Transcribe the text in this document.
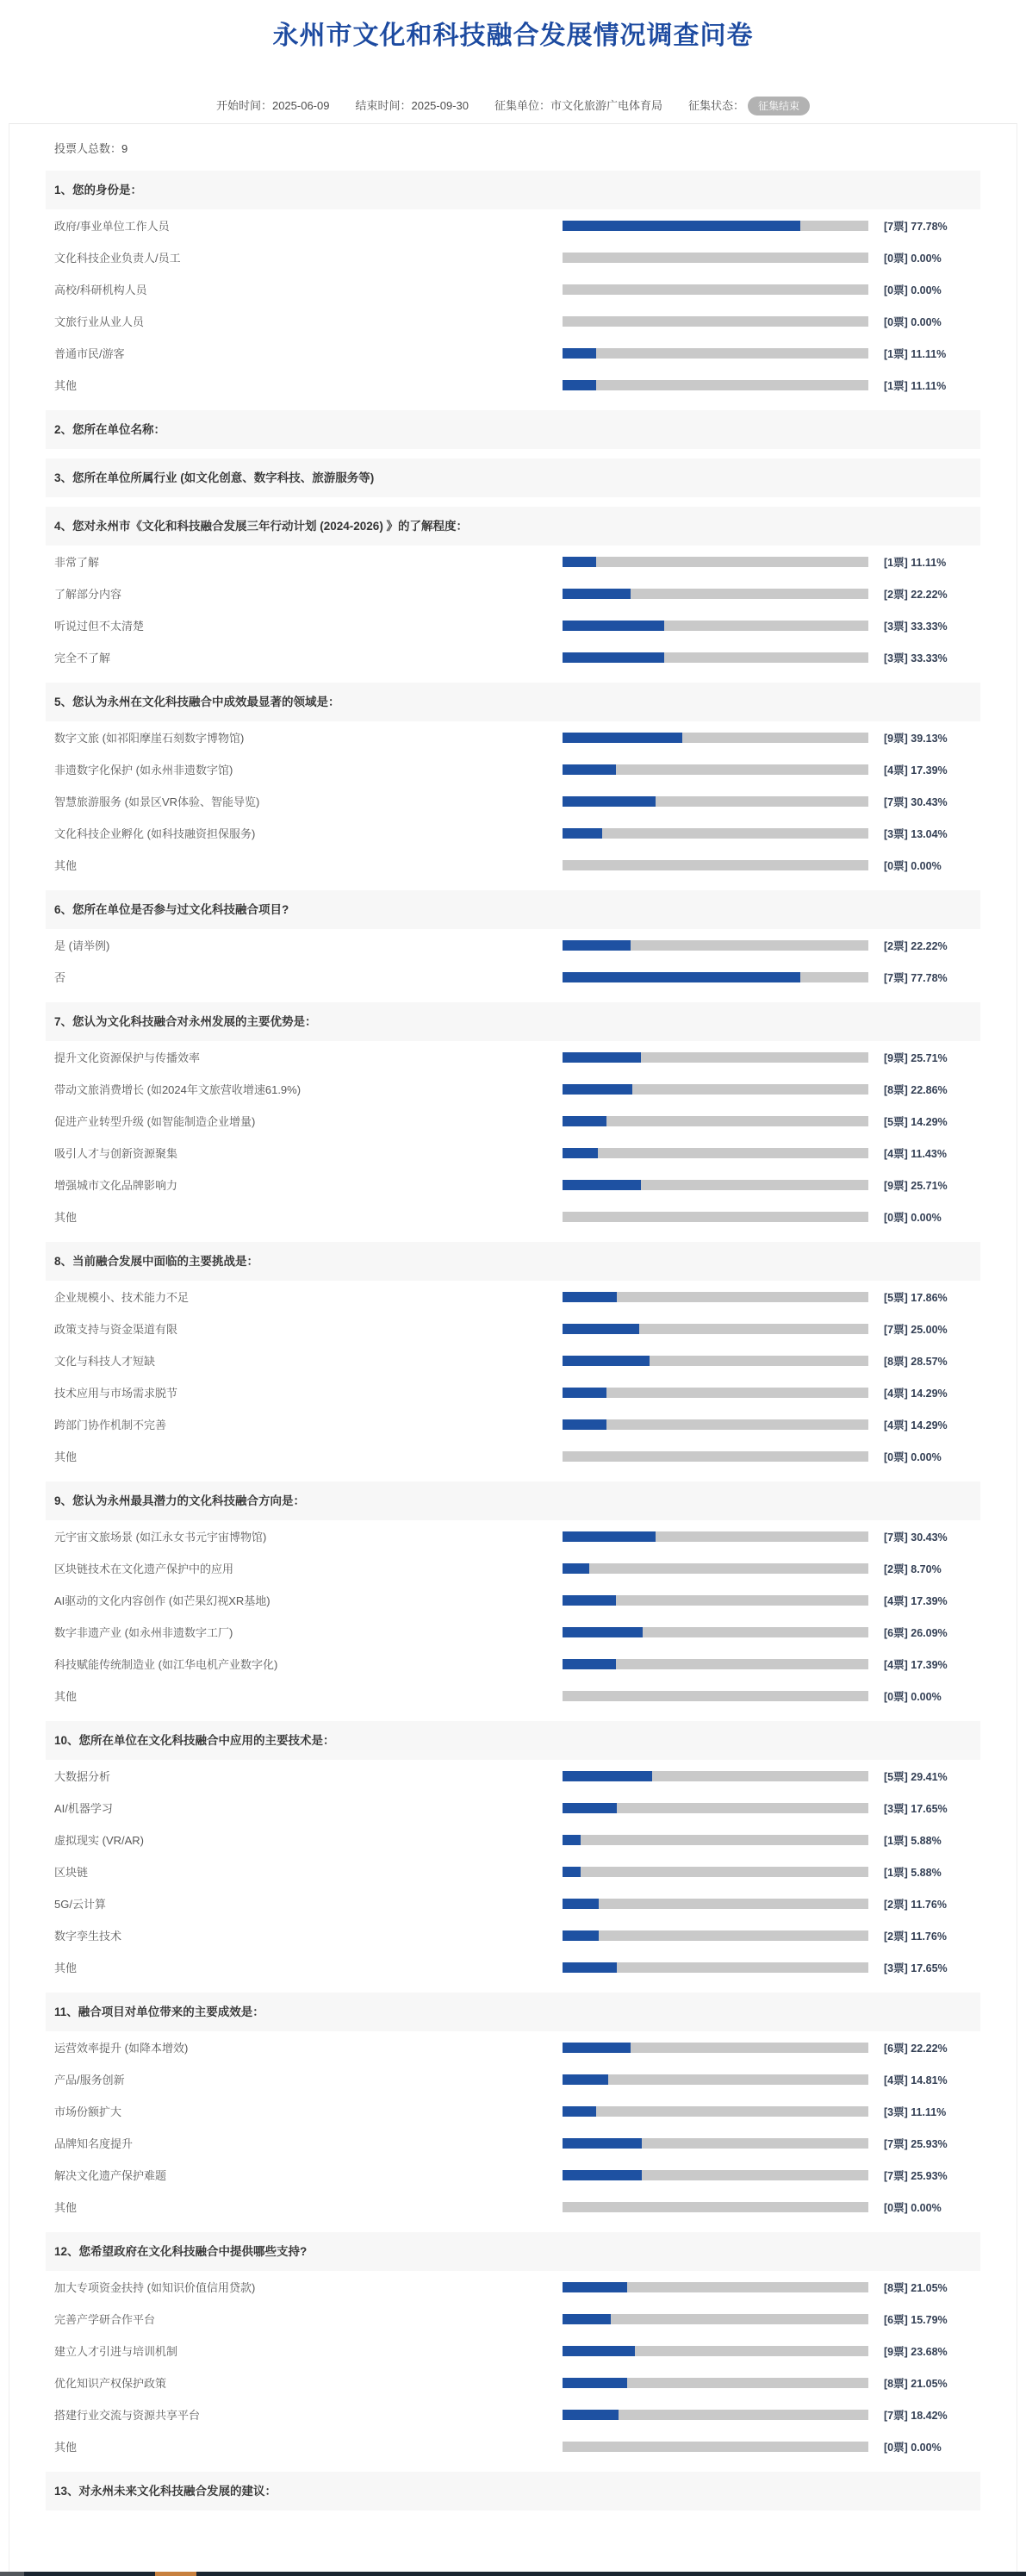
永州市文化和科技融合发展情况调查问卷
开始时间： 2025-06-09 结束时间： 2025-09-30 征集单位： 市文化旅游广电体育局 征集状态：	征集结束
投票人总数：9
1、您的身份是：
政府/事业单位工作人员	[7票] 77.78%
文化科技企业负责人/员工	[0票] 0.00%
高校/科研机构人员	[0票] 0.00%
文旅行业从业人员	[0票] 0.00%
普通市民/游客	[1票] 11.11%
其他	[1票] 11.11%
2、您所在单位名称：
3、您所在单位所属行业 (如文化创意、数字科技、旅游服务等)
4、您对永州市《文化和科技融合发展三年行动计划 (2024-2026) 》的了解程度：
非常了解	[1票] 11.11%
了解部分内容	[2票] 22.22%
听说过但不太清楚	[3票] 33.33%
完全不了解	[3票] 33.33%
5、您认为永州在文化科技融合中成效最显著的领域是：
数字文旅 (如祁阳摩崖石刻数字博物馆)	[9票] 39.13%
非遗数字化保护 (如永州非遗数字馆)	[4票] 17.39%
智慧旅游服务 (如景区VR体验、智能导览)	[7票] 30.43%
文化科技企业孵化 (如科技融资担保服务)	[3票] 13.04%
其他	[0票] 0.00%
6、您所在单位是否参与过文化科技融合项目?
是 (请举例)	[2票] 22.22%
否	[7票] 77.78%
7、您认为文化科技融合对永州发展的主要优势是：
提升文化资源保护与传播效率	[9票] 25.71%
带动文旅消费增长 (如2024年文旅营收增速61.9%)	[8票] 22.86%
促进产业转型升级 (如智能制造企业增量)	[5票] 14.29%
吸引人才与创新资源聚集	[4票] 11.43%
增强城市文化品牌影响力	[9票] 25.71%
其他	[0票] 0.00%
8、当前融合发展中面临的主要挑战是：
企业规模小、技术能力不足	[5票] 17.86%
政策支持与资金渠道有限	[7票] 25.00%
文化与科技人才短缺	[8票] 28.57%
技术应用与市场需求脱节	[4票] 14.29%
跨部门协作机制不完善	[4票] 14.29%
其他	[0票] 0.00%
9、您认为永州最具潜力的文化科技融合方向是：
元宇宙文旅场景 (如江永女书元宇宙博物馆)	[7票] 30.43%
区块链技术在文化遗产保护中的应用	[2票] 8.70%
AI驱动的文化内容创作 (如芒果幻视XR基地)	[4票] 17.39%
数字非遗产业 (如永州非遗数字工厂)	[6票] 26.09%
科技赋能传统制造业 (如江华电机产业数字化)	[4票] 17.39%
其他	[0票] 0.00%
10、您所在单位在文化科技融合中应用的主要技术是：
大数据分析	[5票] 29.41%
AI/机器学习	[3票] 17.65%
虚拟现实 (VR/AR)	[1票] 5.88%
区块链	[1票] 5.88%
5G/云计算	[2票] 11.76%
数字孪生技术	[2票] 11.76%
其他	[3票] 17.65%
11、融合项目对单位带来的主要成效是：
运营效率提升 (如降本增效)	[6票] 22.22%
产品/服务创新	[4票] 14.81%
市场份额扩大	[3票] 11.11%
品牌知名度提升	[7票] 25.93%
解决文化遗产保护难题	[7票] 25.93%
其他	[0票] 0.00%
12、您希望政府在文化科技融合中提供哪些支持?
加大专项资金扶持 (如知识价值信用贷款)	[8票] 21.05%
完善产学研合作平台	[6票] 15.79%
建立人才引进与培训机制	[9票] 23.68%
优化知识产权保护政策	[8票] 21.05%
搭建行业交流与资源共享平台	[7票] 18.42%
其他	[0票] 0.00%
13、对永州未来文化科技融合发展的建议：
